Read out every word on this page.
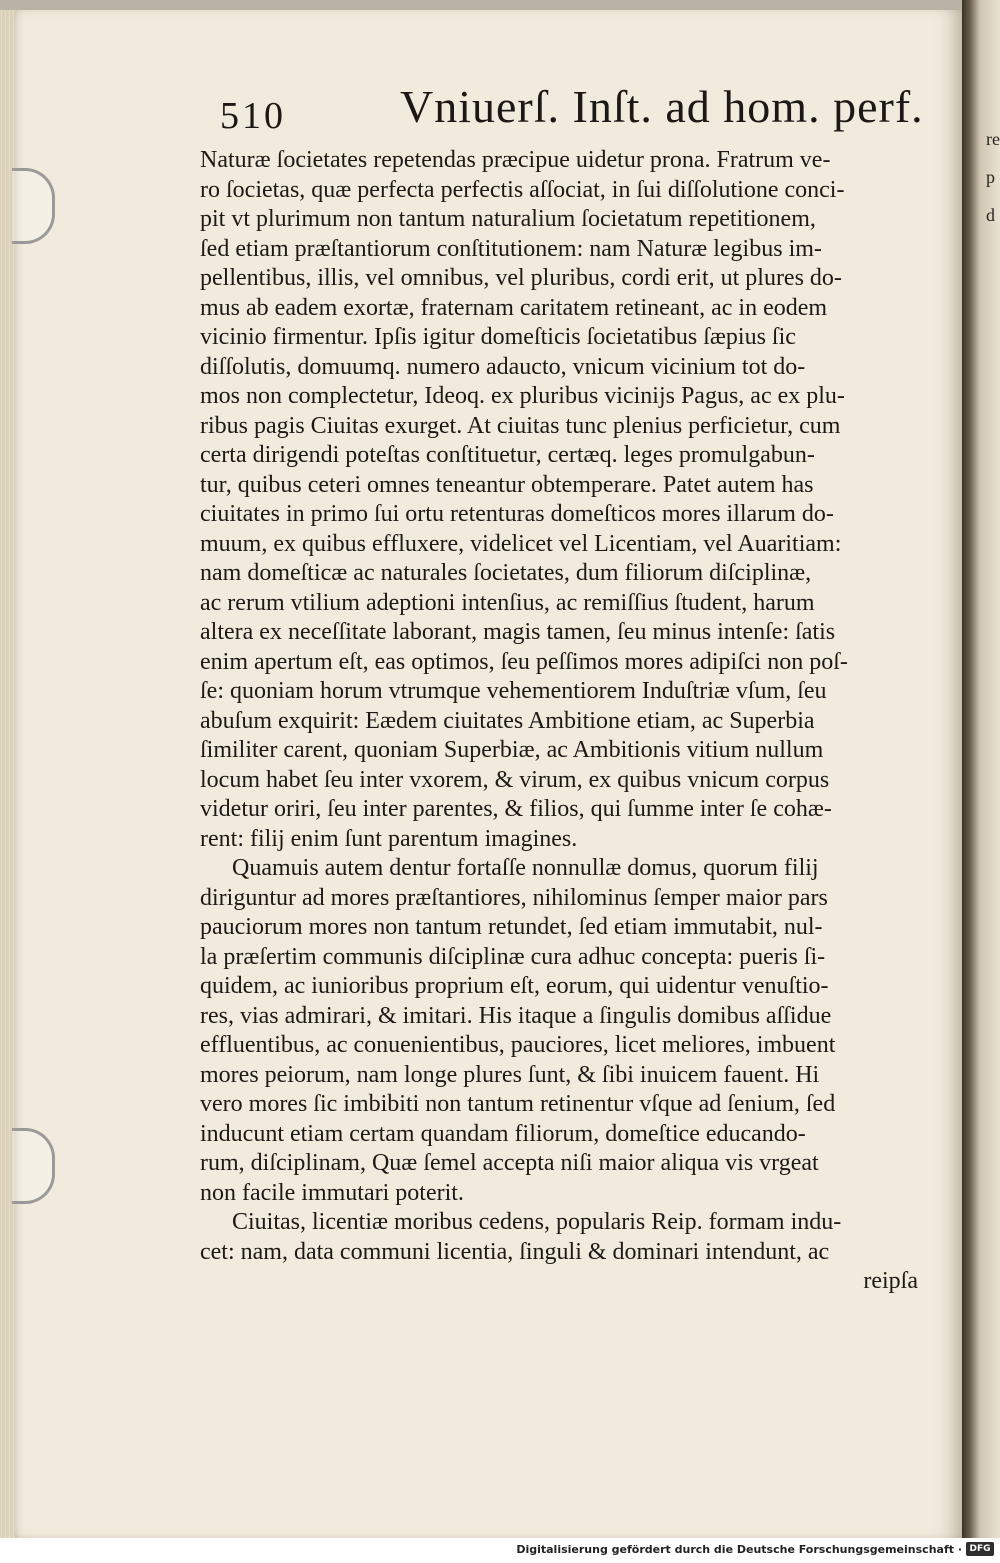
510 Vniuerſ. Inſt. ad hom. perf.
Naturæ ſocietates repetendas præcipue uidetur prona. Fratrum ve-
ro ſocietas, quæ perfecta perfectis aſſociat, in ſui diſſolutione conci-
pit vt plurimum non tantum naturalium ſocietatum repetitionem,
ſed etiam præſtantiorum conſtitutionem: nam Naturæ legibus im-
pellentibus, illis, vel omnibus, vel pluribus, cordi erit, ut plures do-
mus ab eadem exortæ, fraternam caritatem retineant, ac in eodem
vicinio firmentur. Ipſis igitur domeſticis ſocietatibus ſæpius ſic
diſſolutis, domuumq. numero adaucto, vnicum vicinium tot do-
mos non complectetur, Ideoq. ex pluribus vicinijs Pagus, ac ex plu-
ribus pagis Ciuitas exurget. At ciuitas tunc plenius perficietur, cum
certa dirigendi poteſtas conſtituetur, certæq. leges promulgabun-
tur, quibus ceteri omnes teneantur obtemperare. Patet autem has
ciuitates in primo ſui ortu retenturas domeſticos mores illarum do-
muum, ex quibus effluxere, videlicet vel Licentiam, vel Auaritiam:
nam domeſticæ ac naturales ſocietates, dum filiorum diſciplinæ,
ac rerum vtilium adeptioni intenſius, ac remiſſius ſtudent, harum
altera ex neceſſitate laborant, magis tamen, ſeu minus intenſe: ſatis
enim apertum eſt, eas optimos, ſeu peſſimos mores adipiſci non poſ-
ſe: quoniam horum vtrumque vehementiorem Induſtriæ vſum, ſeu
abuſum exquirit: Eædem ciuitates Ambitione etiam, ac Superbia
ſimiliter carent, quoniam Superbiæ, ac Ambitionis vitium nullum
locum habet ſeu inter vxorem, & virum, ex quibus vnicum corpus
videtur oriri, ſeu inter parentes, & filios, qui ſumme inter ſe cohæ-
rent: filij enim ſunt parentum imagines.
Quamuis autem dentur fortaſſe nonnullæ domus, quorum filij
diriguntur ad mores præſtantiores, nihilominus ſemper maior pars
pauciorum mores non tantum retundet, ſed etiam immutabit, nul-
la præſertim communis diſciplinæ cura adhuc concepta: pueris ſi-
quidem, ac iunioribus proprium eſt, eorum, qui uidentur venuſtio-
res, vias admirari, & imitari. His itaque a ſingulis domibus aſſidue
effluentibus, ac conuenientibus, pauciores, licet meliores, imbuent
mores peiorum, nam longe plures ſunt, & ſibi inuicem fauent. Hi
vero mores ſic imbibiti non tantum retinentur vſque ad ſenium, ſed
inducunt etiam certam quandam filiorum, domeſtice educando-
rum, diſciplinam, Quæ ſemel accepta niſi maior aliqua vis vrgeat
non facile immutari poterit.
Ciuitas, licentiæ moribus cedens, popularis Reip. formam indu-
cet: nam, data communi licentia, ſinguli & dominari intendunt, ac
reipſa
re
p
d
Digitalisierung gefördert durch die Deutsche Forschungsgemeinschaft · DFG
